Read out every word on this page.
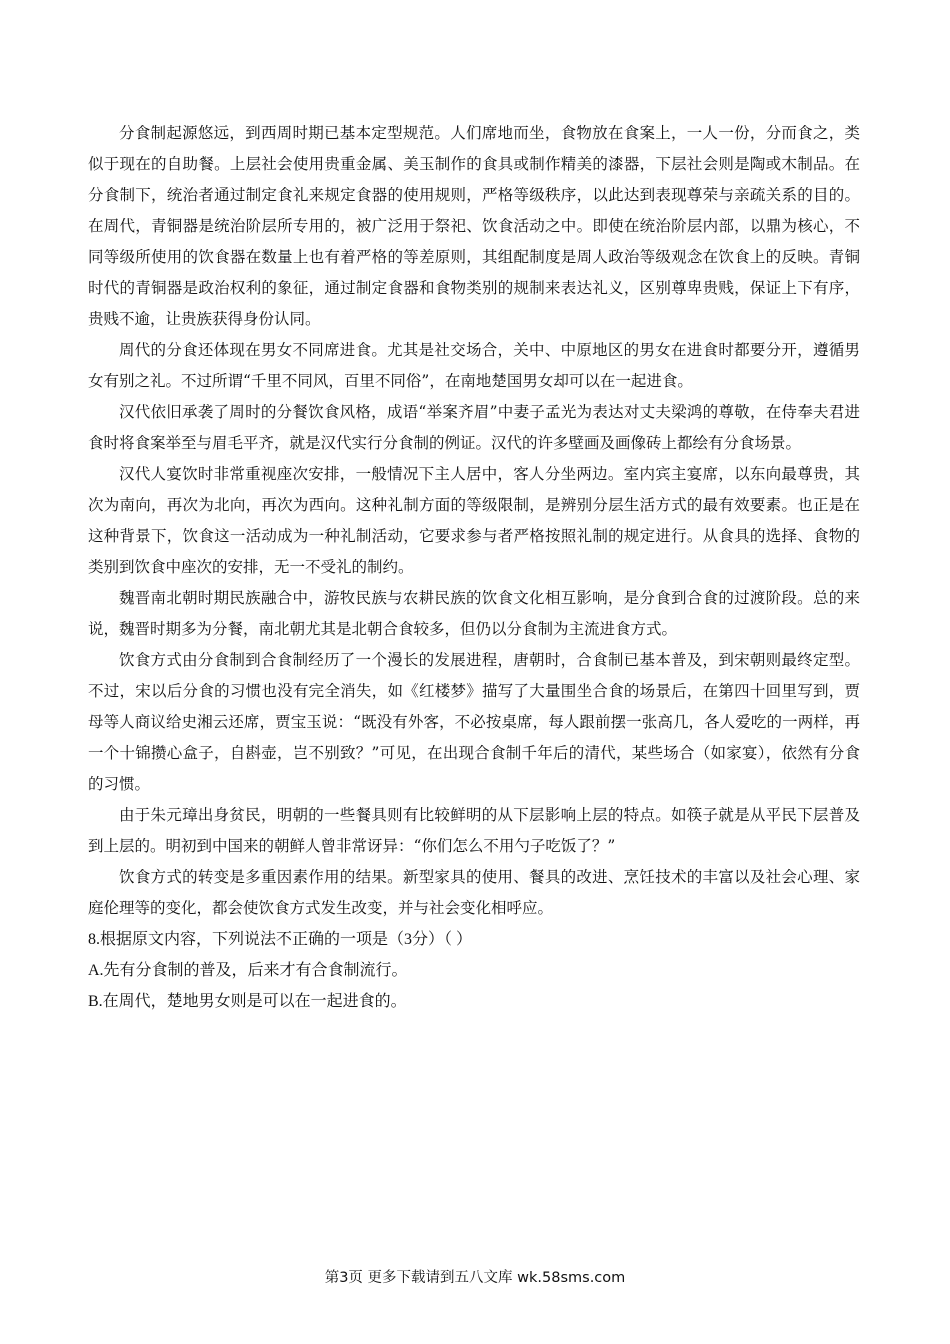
分食制起源悠远，到西周时期已基本定型规范。人们席地而坐，食物放在食案上，一人一份，分而食之，类似于现在的自助餐。上层社会使用贵重金属、美玉制作的食具或制作精美的漆器，下层社会则是陶或木制品。在分食制下，统治者通过制定食礼来规定食器的使用规则，严格等级秩序，以此达到表现尊荣与亲疏关系的目的。在周代，青铜器是统治阶层所专用的，被广泛用于祭祀、饮食活动之中。即使在统治阶层内部，以鼎为核心，不同等级所使用的饮食器在数量上也有着严格的等差原则，其组配制度是周人政治等级观念在饮食上的反映。青铜时代的青铜器是政治权利的象征，通过制定食器和食物类别的规制来表达礼义，区别尊卑贵贱，保证上下有序，贵贱不逾，让贵族获得身份认同。

周代的分食还体现在男女不同席进食。尤其是社交场合，关中、中原地区的男女在进食时都要分开，遵循男女有别之礼。不过所谓“千里不同风，百里不同俗”，在南地楚国男女却可以在一起进食。

汉代依旧承袭了周时的分餐饮食风格，成语“举案齐眉”中妻子孟光为表达对丈夫梁鸿的尊敬，在侍奉夫君进食时将食案举至与眉毛平齐，就是汉代实行分食制的例证。汉代的许多壁画及画像砖上都绘有分食场景。

汉代人宴饮时非常重视座次安排，一般情况下主人居中，客人分坐两边。室内宾主宴席，以东向最尊贵，其次为南向，再次为北向，再次为西向。这种礼制方面的等级限制，是辨别分层生活方式的最有效要素。也正是在这种背景下，饮食这一活动成为一种礼制活动，它要求参与者严格按照礼制的规定进行。从食具的选择、食物的类别到饮食中座次的安排，无一不受礼的制约。

魏晋南北朝时期民族融合中，游牧民族与农耕民族的饮食文化相互影响，是分食到合食的过渡阶段。总的来说，魏晋时期多为分餐，南北朝尤其是北朝合食较多，但仍以分食制为主流进食方式。

饮食方式由分食制到合食制经历了一个漫长的发展进程，唐朝时，合食制已基本普及，到宋朝则最终定型。不过，宋以后分食的习惯也没有完全消失，如《红楼梦》描写了大量围坐合食的场景后，在第四十回里写到，贾母等人商议给史湘云还席，贾宝玉说：“既没有外客，不必按桌席，每人跟前摆一张高几，各人爱吃的一两样，再一个十锦攒心盒子，自斟壶，岂不别致？”可见，在出现合食制千年后的清代，某些场合（如家宴），依然有分食的习惯。

由于朱元璋出身贫民，明朝的一些餐具则有比较鲜明的从下层影响上层的特点。如筷子就是从平民下层普及到上层的。明初到中国来的朝鲜人曾非常讶异：“你们怎么不用勺子吃饭了？”

饮食方式的转变是多重因素作用的结果。新型家具的使用、餐具的改进、烹饪技术的丰富以及社会心理、家庭伦理等的变化，都会使饮食方式发生改变，并与社会变化相呼应。

8.根据原文内容，下列说法不正确的一项是（3分）（ ）

A.先有分食制的普及，后来才有合食制流行。

B.在周代，楚地男女则是可以在一起进食的。

第3页 更多下载请到五八文库 wk.58sms.com
